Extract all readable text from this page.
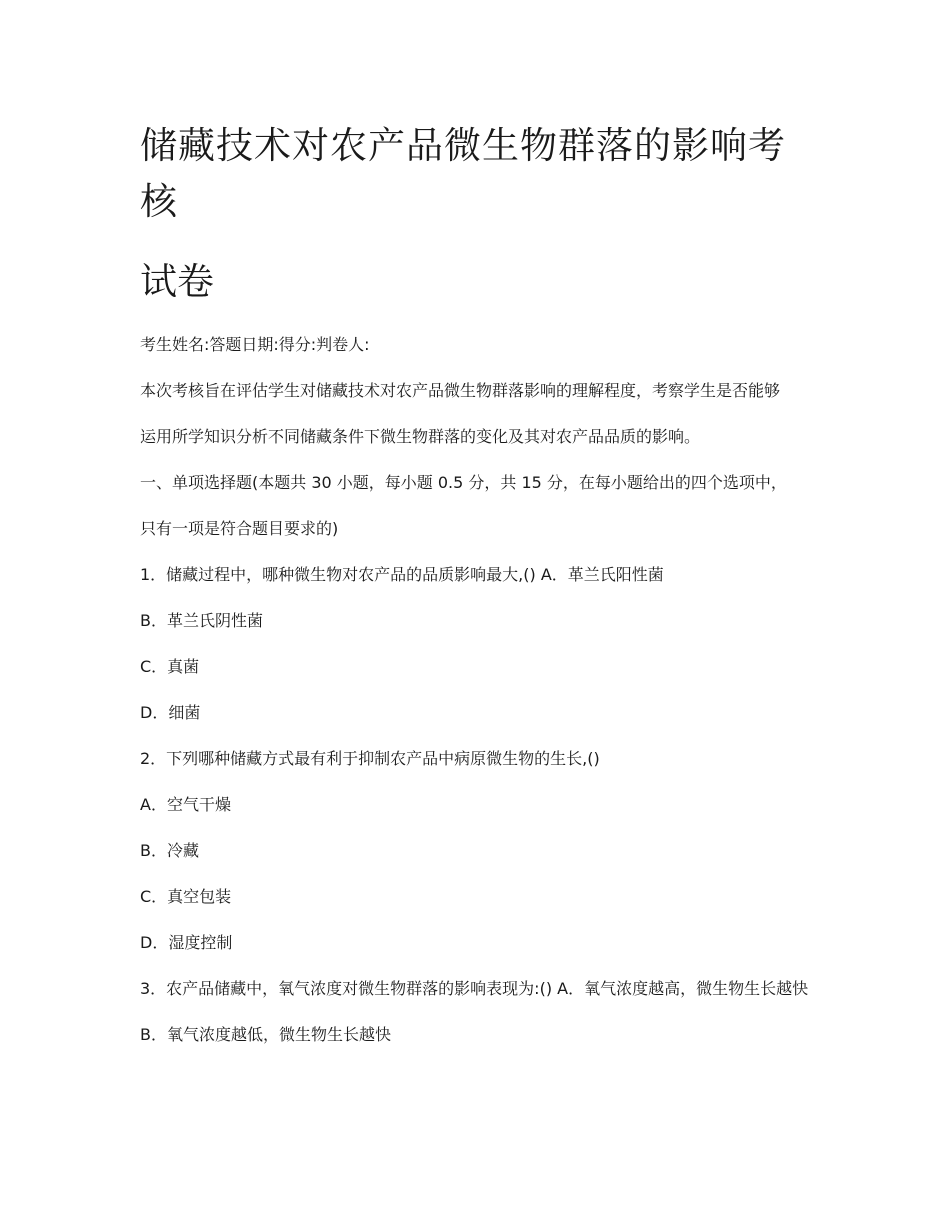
储藏技术对农产品微生物群落的影响考核
试卷

考生姓名:答题日期:得分:判卷人:

本次考核旨在评估学生对储藏技术对农产品微生物群落影响的理解程度，考察学生是否能够

运用所学知识分析不同储藏条件下微生物群落的变化及其对农产品品质的影响。

一、单项选择题(本题共 30 小题，每小题 0.5 分，共 15 分，在每小题给出的四个选项中，

只有一项是符合题目要求的)

1．储藏过程中，哪种微生物对农产品的品质影响最大,() A．革兰氏阳性菌

B．革兰氏阴性菌

C．真菌

D．细菌

2．下列哪种储藏方式最有利于抑制农产品中病原微生物的生长,()

A．空气干燥

B．冷藏

C．真空包装

D．湿度控制

3．农产品储藏中，氧气浓度对微生物群落的影响表现为:() A．氧气浓度越高，微生物生长越快

B．氧气浓度越低，微生物生长越快
